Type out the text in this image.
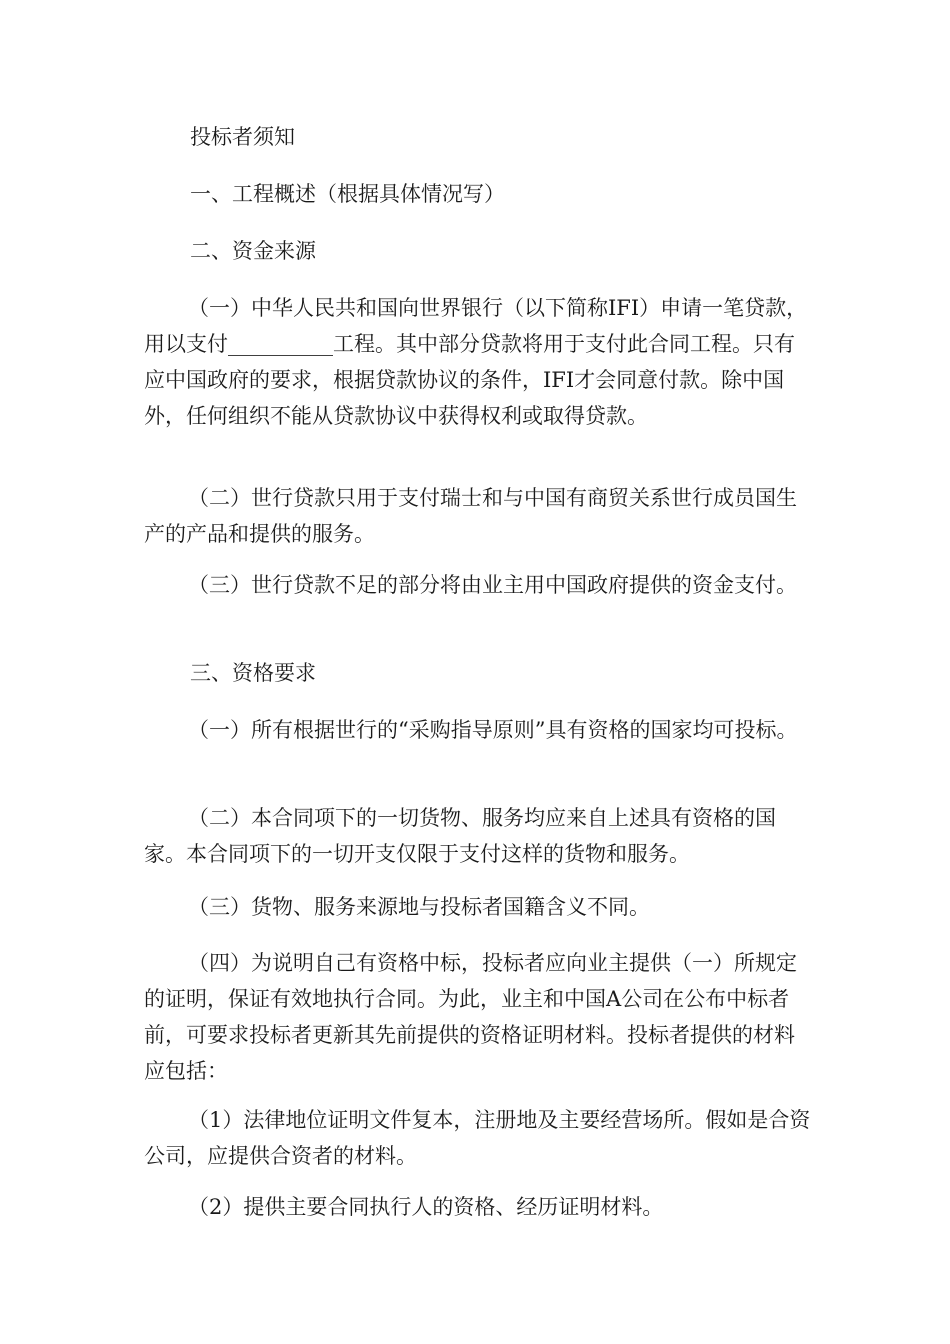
投标者须知

一、工程概述（根据具体情况写）

二、资金来源

（一）中华人民共和国向世界银行（以下简称IFI）申请一笔贷款，用以支付__________工程。其中部分贷款将用于支付此合同工程。只有应中国政府的要求，根据贷款协议的条件，IFI才会同意付款。除中国外，任何组织不能从贷款协议中获得权利或取得贷款。

（二）世行贷款只用于支付瑞士和与中国有商贸关系世行成员国生产的产品和提供的服务。

（三）世行贷款不足的部分将由业主用中国政府提供的资金支付。

三、资格要求

（一）所有根据世行的“采购指导原则”具有资格的国家均可投标。

（二）本合同项下的一切货物、服务均应来自上述具有资格的国家。本合同项下的一切开支仅限于支付这样的货物和服务。

（三）货物、服务来源地与投标者国籍含义不同。

（四）为说明自己有资格中标，投标者应向业主提供（一）所规定的证明，保证有效地执行合同。为此，业主和中国A公司在公布中标者前，可要求投标者更新其先前提供的资格证明材料。投标者提供的材料应包括：

（1）法律地位证明文件复本，注册地及主要经营场所。假如是合资公司，应提供合资者的材料。

（2）提供主要合同执行人的资格、经历证明材料。
